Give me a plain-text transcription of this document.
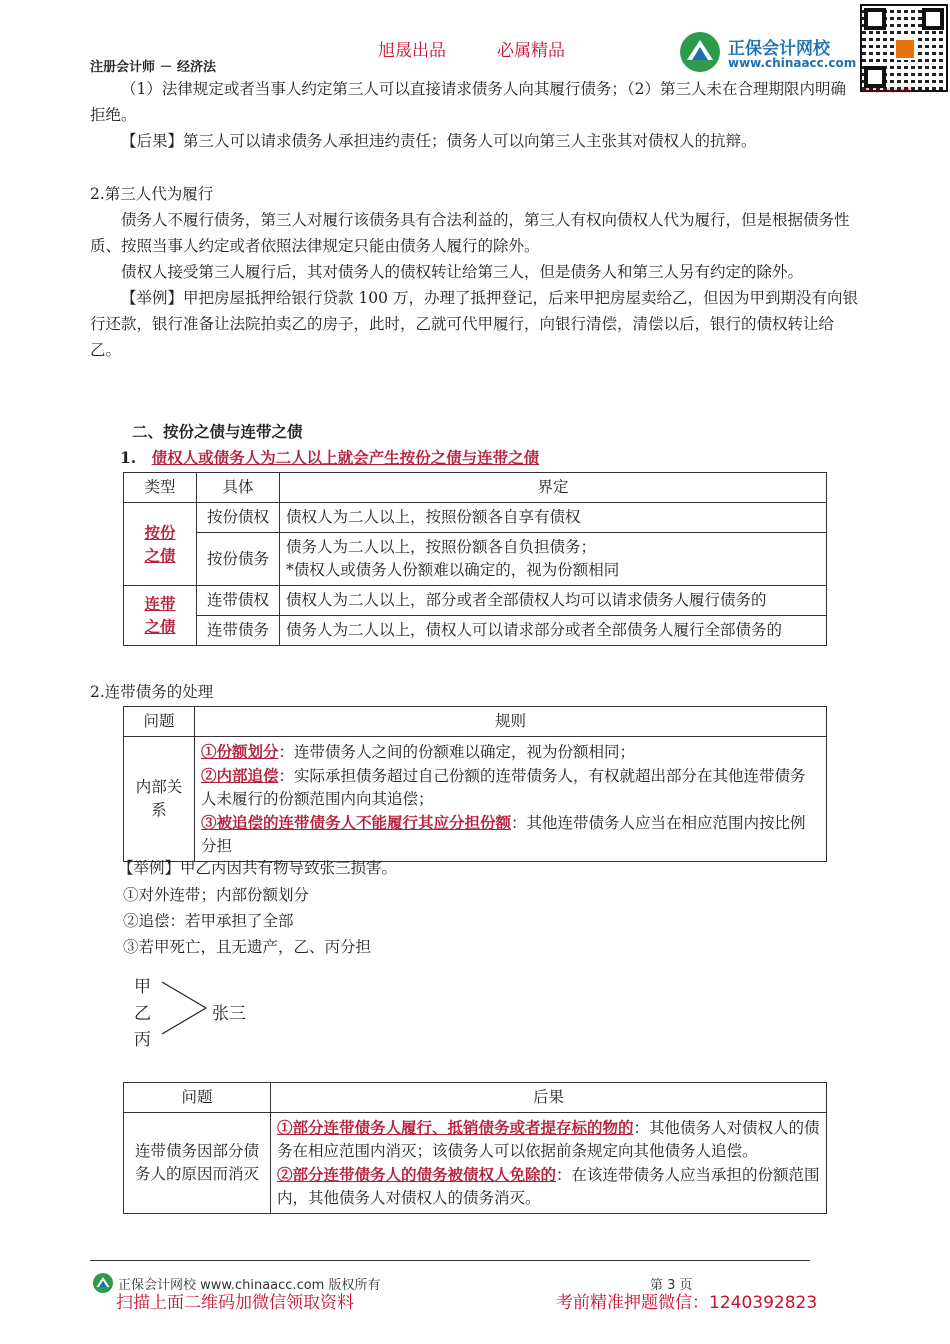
旭晟出品	必属精品
注册会计师 － 经济法
正保会计网校
www.chinaacc.com
扫码关注正保会计网校

（1）法律规定或者当事人约定第三人可以直接请求债务人向其履行债务；（2）第三人未在合理期限内明确拒绝。

【后果】第三人可以请求债务人承担违约责任；债务人可以向第三人主张其对债权人的抗辩。

2.第三人代为履行

债务人不履行债务，第三人对履行该债务具有合法利益的，第三人有权向债权人代为履行，但是根据债务性质、按照当事人约定或者依照法律规定只能由债务人履行的除外。

债权人接受第三人履行后，其对债务人的债权转让给第三人，但是债务人和第三人另有约定的除外。

【举例】甲把房屋抵押给银行贷款 100 万，办理了抵押登记，后来甲把房屋卖给乙，但因为甲到期没有向银行还款，银行准备让法院拍卖乙的房子，此时，乙就可代甲履行，向银行清偿，清偿以后，银行的债权转让给乙。

二、按份之债与连带之债
1. 债权人或债务人为二人以上就会产生按份之债与连带之债
类型	具体	界定
按份之债	按份债权	债权人为二人以上，按照份额各自享有债权
	按份债务	债务人为二人以上，按照份额各自负担债务；
*债权人或债务人份额难以确定的，视为份额相同
连带之债	连带债权	债权人为二人以上，部分或者全部债权人均可以请求债务人履行债务的
	连带债务	债务人为二人以上，债权人可以请求部分或者全部债务人履行全部债务的
2.连带债务的处理
问题	规则
内部关系	①份额划分：连带债务人之间的份额难以确定，视为份额相同；
②内部追偿：实际承担债务超过自己份额的连带债务人，有权就超出部分在其他连带债务人未履行的份额范围内向其追偿；
③被追偿的连带债务人不能履行其应分担份额：其他连带债务人应当在相应范围内按比例分担
【举例】甲乙丙因共有物导致张三损害。
①对外连带；内部份额划分
②追偿：若甲承担了全部
③若甲死亡，且无遗产，乙、丙分担
甲
乙
丙
张三
问题	后果
连带债务因部分债务人的原因而消灭	①部分连带债务人履行、抵销债务或者提存标的物的：其他债务人对债权人的债务在相应范围内消灭；该债务人可以依据前条规定向其他债务人追偿。
②部分连带债务人的债务被债权人免除的：在该连带债务人应当承担的份额范围内，其他债务人对债权人的债务消灭。
正保会计网校 www.chinaacc.com 版权所有	第 3 页
扫描上面二维码加微信领取资料	考前精准押题微信：1240392823
